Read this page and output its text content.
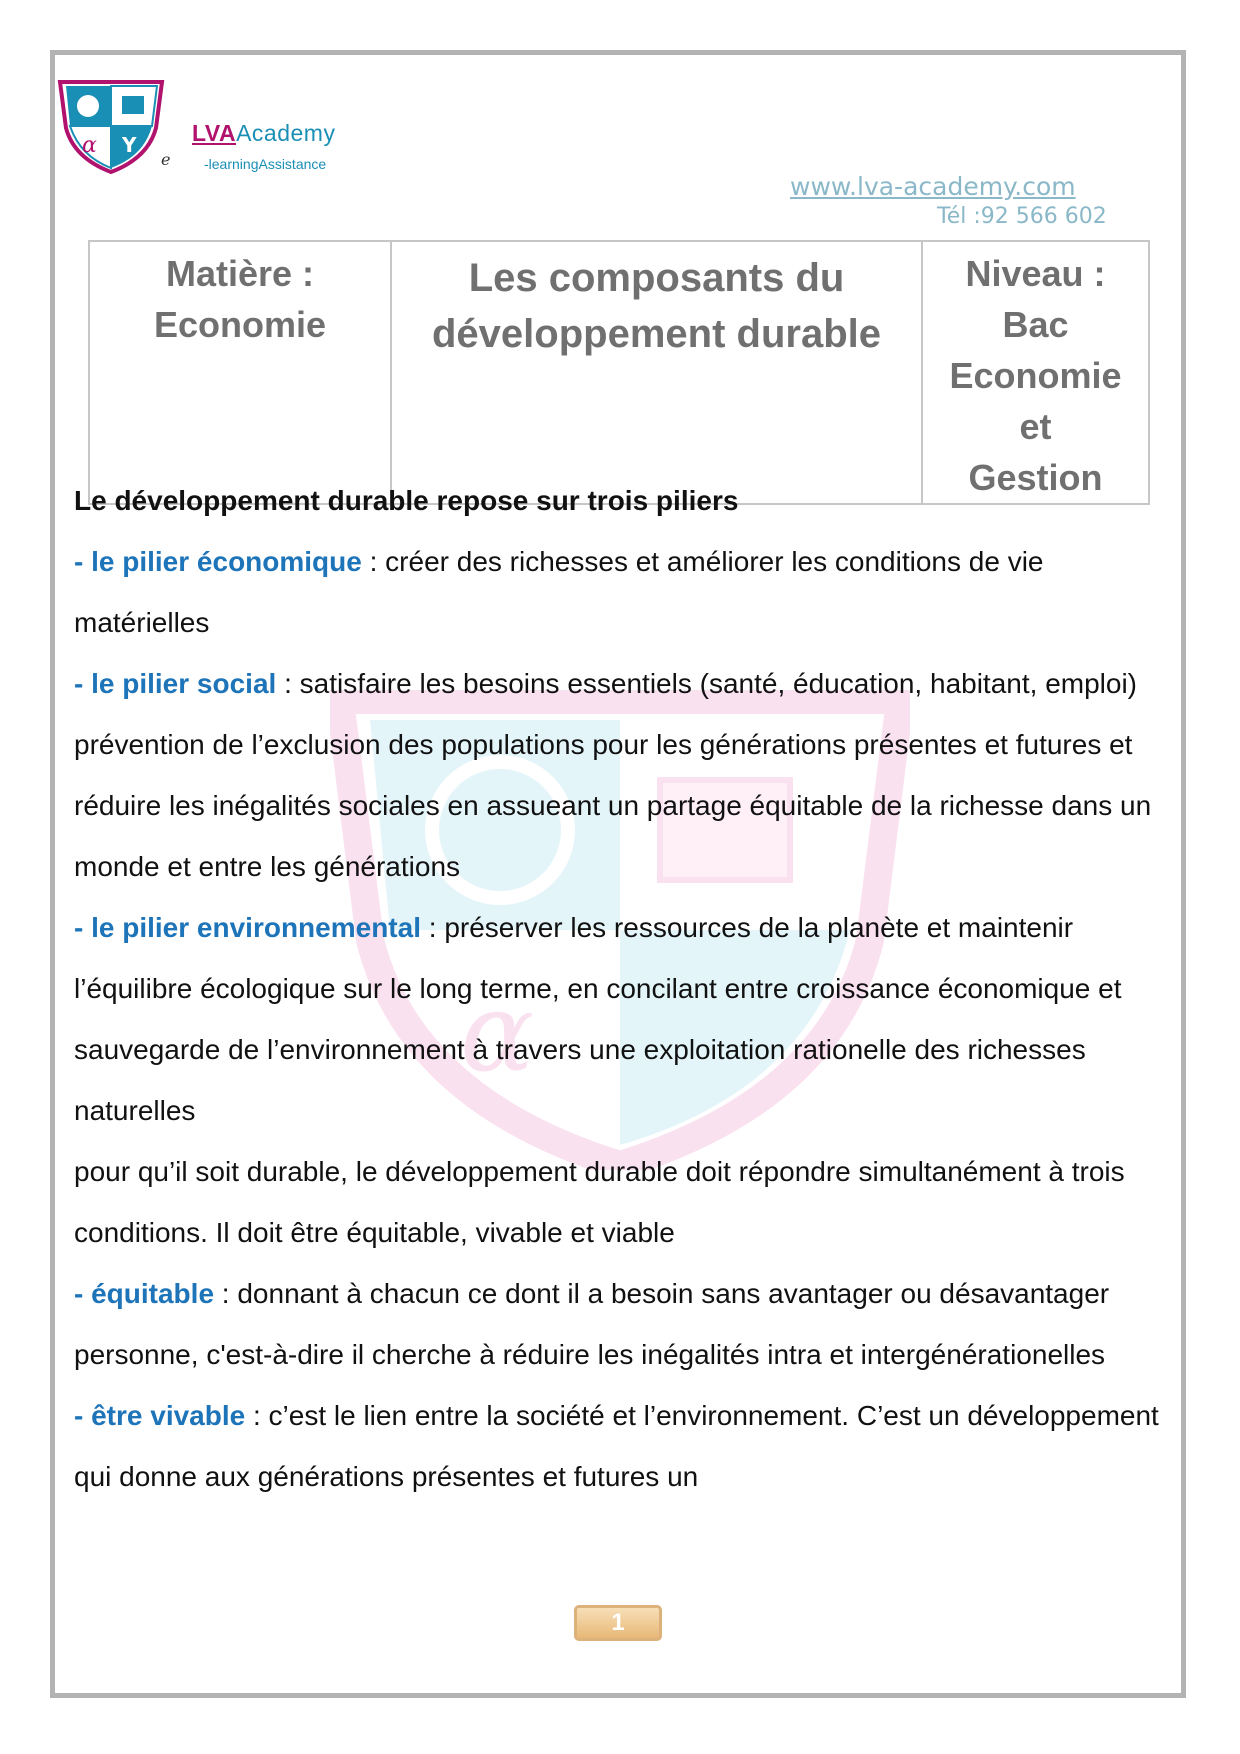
α Y LVAAcademy
e -learningAssistance
www.lva-academy.com
Tél :92 566 602
Matière :
Economie

Les composants du
développement durable

Niveau : Bac
Economie et
Gestion
α

Le développement durable repose sur trois piliers

- le pilier économique : créer des richesses et améliorer les conditions de vie matérielles

- le pilier social : satisfaire les besoins essentiels (santé, éducation, habitant, emploi) prévention de l’exclusion des populations pour les générations présentes et futures et réduire les inégalités sociales en assueant un partage équitable de la richesse dans un monde et entre les générations

- le pilier environnemental : préserver les ressources de la planète et maintenir l’équilibre écologique sur le long terme, en concilant entre croissance économique et sauvegarde de l’environnement à travers une exploitation rationelle des richesses naturelles

pour qu’il soit durable, le développement durable doit répondre simultanément à trois conditions. Il doit être équitable, vivable et viable

- équitable : donnant à chacun ce dont il a besoin sans avantager ou désavantager personne, c'est-à-dire il cherche à réduire les inégalités intra et intergénérationelles

- être vivable : c’est le lien entre la société et l’environnement. C’est un développement qui donne aux générations présentes et futures un

1
